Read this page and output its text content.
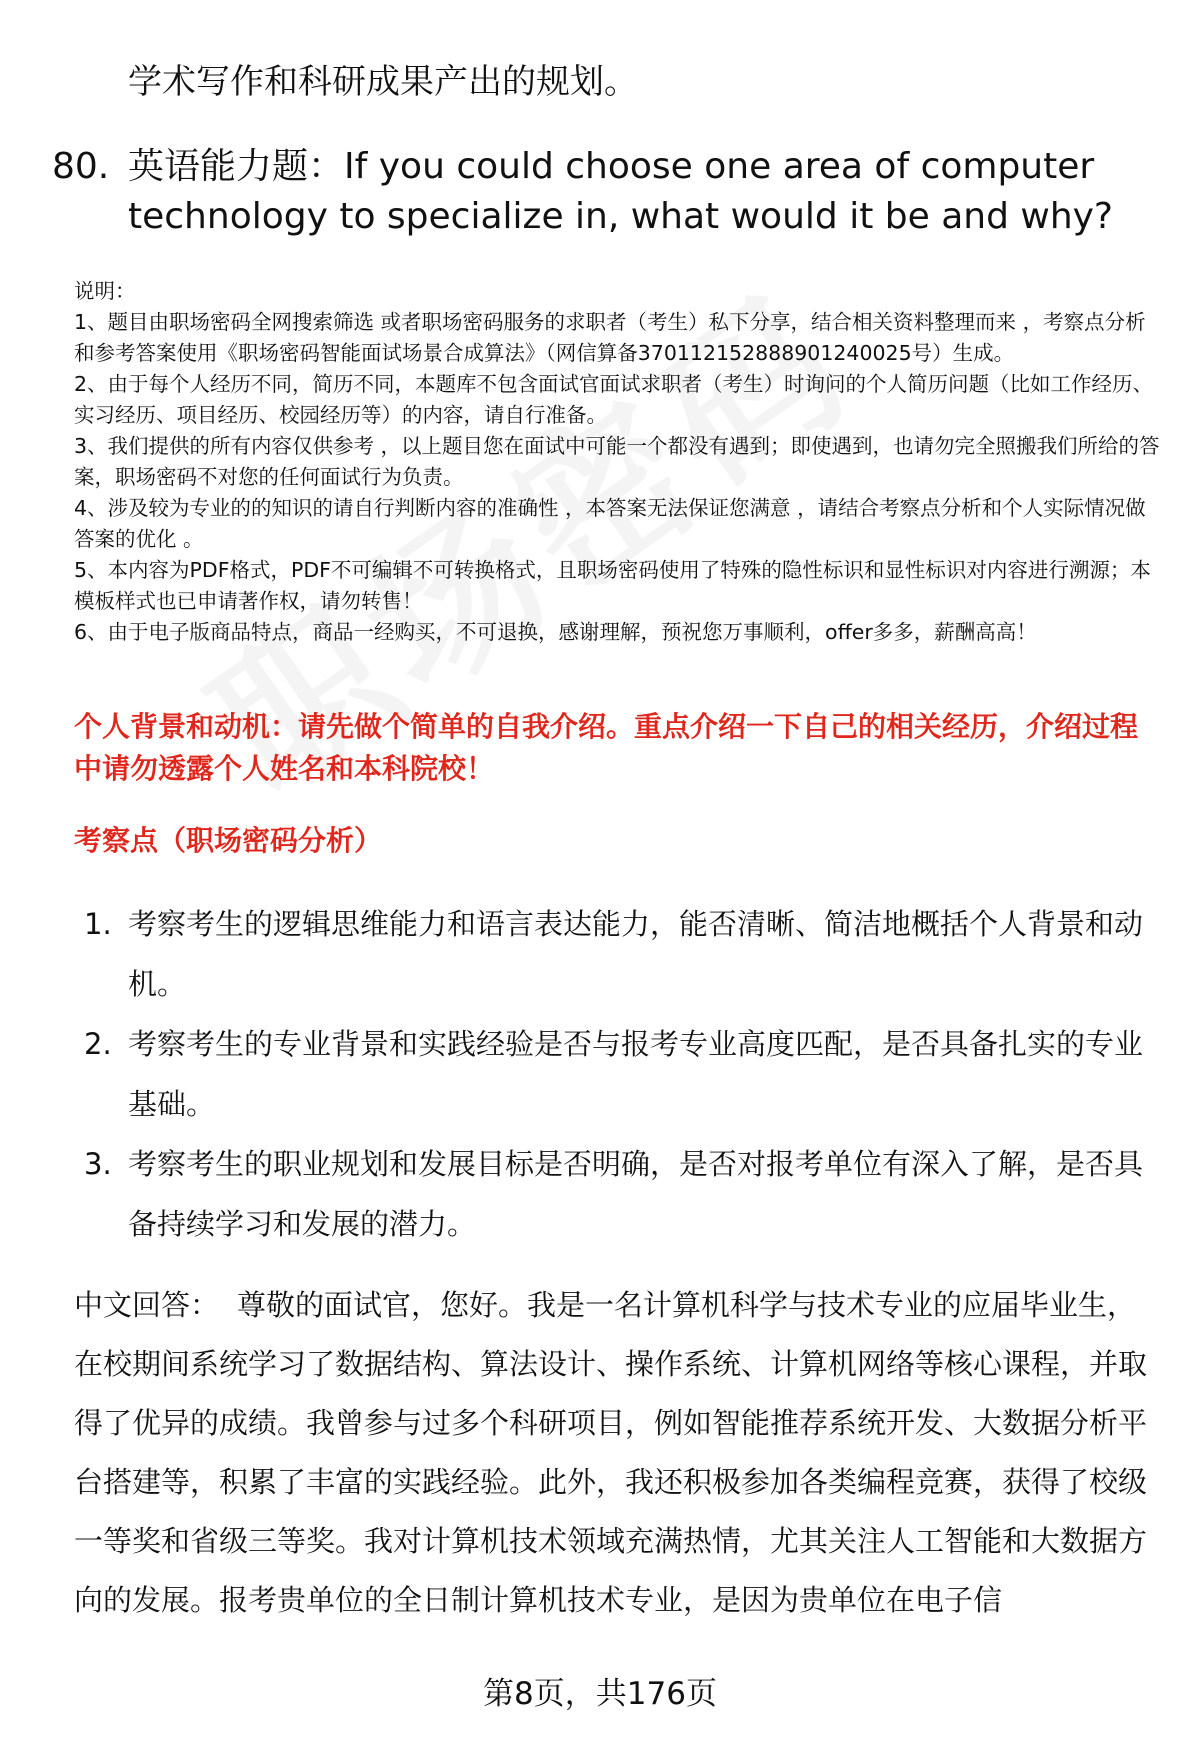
学术写作和科研成果产出的规划。
80. 英语能力题：If you could choose one area of computer technology to specialize in, what would it be and why?

说明：

1、题目由职场密码全网搜索筛选 或者职场密码服务的求职者（考生）私下分享，结合相关资料整理而来 ，考察点分析和参考答案使用《职场密码智能面试场景合成算法》（网信算备370112152888901240025号）生成。

2、由于每个人经历不同，简历不同，本题库不包含面试官面试求职者（考生）时询问的个人简历问题（比如工作经历、实习经历、项目经历、校园经历等）的内容，请自行准备。

3、我们提供的所有内容仅供参考 ，以上题目您在面试中可能一个都没有遇到；即使遇到，也请勿完全照搬我们所给的答案，职场密码不对您的任何面试行为负责。

4、涉及较为专业的的知识的请自行判断内容的准确性 ，本答案无法保证您满意 ，请结合考察点分析和个人实际情况做答案的优化 。

5、本内容为PDF格式，PDF不可编辑不可转换格式，且职场密码使用了特殊的隐性标识和显性标识对内容进行溯源；本模板样式也已申请著作权，请勿转售！

6、由于电子版商品特点，商品一经购买，不可退换，感谢理解，预祝您万事顺利，offer多多，薪酬高高！

个人背景和动机：请先做个简单的自我介绍。重点介绍一下自己的相关经历，介绍过程中请勿透露个人姓名和本科院校！
考察点（职场密码分析）
1. 考察考生的逻辑思维能力和语言表达能力，能否清晰、简洁地概括个人背景和动机。
2. 考察考生的专业背景和实践经验是否与报考专业高度匹配，是否具备扎实的专业基础。
3. 考察考生的职业规划和发展目标是否明确，是否对报考单位有深入了解，是否具备持续学习和发展的潜力。
中文回答： 尊敬的面试官，您好。我是一名计算机科学与技术专业的应届毕业生，在校期间系统学习了数据结构、算法设计、操作系统、计算机网络等核心课程，并取得了优异的成绩。我曾参与过多个科研项目，例如智能推荐系统开发、大数据分析平台搭建等，积累了丰富的实践经验。此外，我还积极参加各类编程竞赛，获得了校级一等奖和省级三等奖。我对计算机技术领域充满热情，尤其关注人工智能和大数据方向的发展。报考贵单位的全日制计算机技术专业，是因为贵单位在电子信
第8页，共176页
